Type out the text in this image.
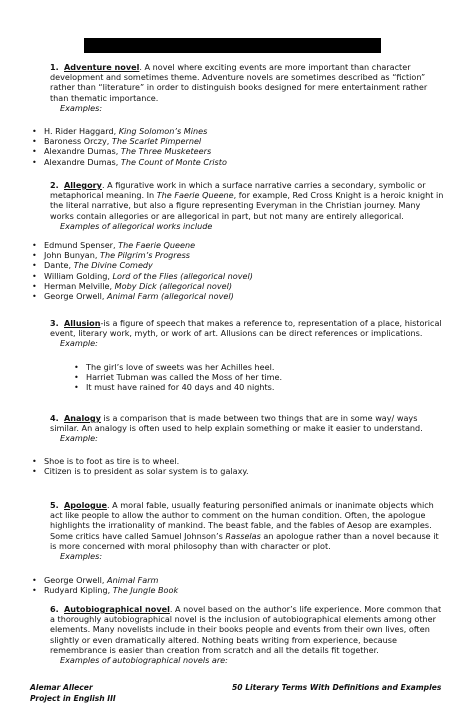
1. Adventure novel. A novel where exciting events are more important than character development and sometimes theme. Adventure novels are sometimes described as “fiction” rather than “literature” in order to distinguish books designed for mere entertainment rather than thematic importance.
Examples:
• H. Rider Haggard, King Solomon’s Mines
• Baroness Orczy, The Scarlet Pimpernel
• Alexandre Dumas, The Three Musketeers
• Alexandre Dumas, The Count of Monte Cristo
2. Allegory. A figurative work in which a surface narrative carries a secondary, symbolic or metaphorical meaning. In The Faerie Queene, for example, Red Cross Knight is a heroic knight in the literal narrative, but also a figure representing Everyman in the Christian journey. Many works contain allegories or are allegorical in part, but not many are entirely allegorical.
Examples of allegorical works include
• Edmund Spenser, The Faerie Queene
• John Bunyan, The Pilgrim’s Progress
• Dante, The Divine Comedy
• William Golding, Lord of the Flies (allegorical novel)
• Herman Melville, Moby Dick (allegorical novel)
• George Orwell, Animal Farm (allegorical novel)
3. Allusion-is a figure of speech that makes a reference to, representation of a place, historical event, literary work, myth, or work of art. Allusions can be direct references or implications.
Example:
• The girl’s love of sweets was her Achilles heel.
• Harriet Tubman was called the Moss of her time.
• It must have rained for 40 days and 40 nights.
4. Analogy is a comparison that is made between two things that are in some way/ ways similar. An analogy is often used to help explain something or make it easier to understand.
Example:
• Shoe is to foot as tire is to wheel.
• Citizen is to president as solar system is to galaxy.
5. Apologue. A moral fable, usually featuring personified animals or inanimate objects which act like people to allow the author to comment on the human condition. Often, the apologue highlights the irrationality of mankind. The beast fable, and the fables of Aesop are examples. Some critics have called Samuel Johnson’s Rasselas an apologue rather than a novel because it is more concerned with moral philosophy than with character or plot.
Examples:
• George Orwell, Animal Farm
• Rudyard Kipling, The Jungle Book
6. Autobiographical novel. A novel based on the author’s life experience. More common that a thoroughly autobiographical novel is the inclusion of autobiographical elements among other elements. Many novelists include in their books people and events from their own lives, often slightly or even dramatically altered. Nothing beats writing from experience, because remembrance is easier than creation from scratch and all the details fit together.
Examples of autobiographical novels are:
Alemar Allecer
Project in English III
50 Literary Terms With Definitions and Examples
